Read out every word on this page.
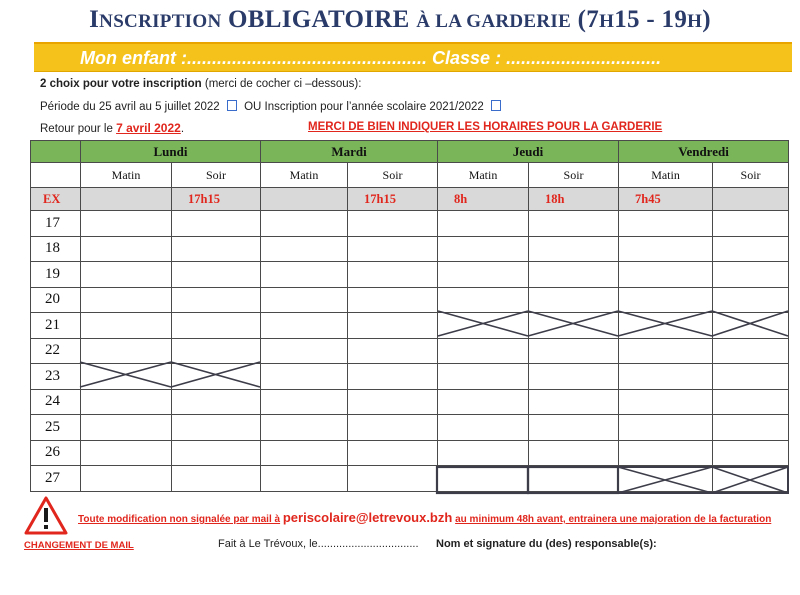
INSCRIPTION OBLIGATOIRE À LA GARDERIE (7H15 - 19H)
Mon enfant :................................................ Classe : ...............................
2 choix pour votre inscription (merci de cocher ci –dessous):
Période du 25 avril au 5 juillet 2022 OU Inscription pour l’année scolaire 2021/2022
Retour pour le 7 avril 2022.	MERCI DE BIEN INDIQUER LES HORAIRES POUR LA GARDERIE
	Lundi		Mardi		Jeudi		Vendredi	
	Matin	Soir	Matin	Soir	Matin	Soir	Matin	Soir
EX		17h15		17h15	8h	18h	7h45	
17								
18								
19								
20								
21								
22								
23								
24								
25								
26								
27								
Toute modification non signalée par mail à periscolaire@letrevoux.bzh au minimum 48h avant, entrainera une majoration de la facturation
CHANGEMENT DE MAIL	Fait à Le Trévoux, le................................. Nom et signature du (des) responsable(s):
